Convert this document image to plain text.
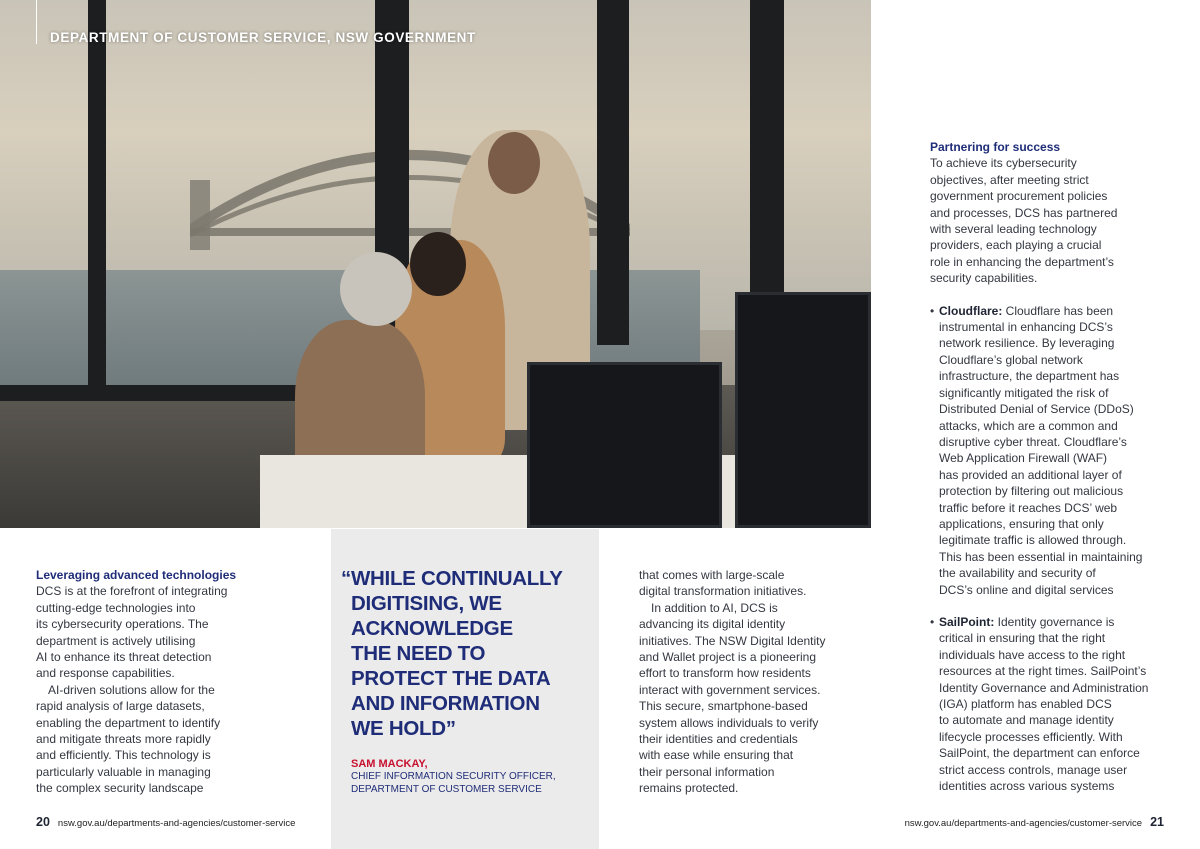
DEPARTMENT OF CUSTOMER SERVICE, NSW GOVERNMENT

Leveraging advanced technologies

DCS is at the forefront of integrating

cutting-edge technologies into

its cybersecurity operations. The

department is actively utilising

AI to enhance its threat detection

and response capabilities.

AI-driven solutions allow for the

rapid analysis of large datasets,

enabling the department to identify

and mitigate threats more rapidly

and efficiently. This technology is

particularly valuable in managing

the complex security landscape

“WHILE CONTINUALLY
DIGITISING, WE
ACKNOWLEDGE
THE NEED TO
PROTECT THE DATA
AND INFORMATION
WE HOLD”
SAM MACKAY,
CHIEF INFORMATION SECURITY OFFICER,
DEPARTMENT OF CUSTOMER SERVICE

that comes with large-scale

digital transformation initiatives.

In addition to AI, DCS is

advancing its digital identity

initiatives. The NSW Digital Identity

and Wallet project is a pioneering

effort to transform how residents

interact with government services.

This secure, smartphone-based

system allows individuals to verify

their identities and credentials

with ease while ensuring that

their personal information

remains protected.

Partnering for success

To achieve its cybersecurity

objectives, after meeting strict

government procurement policies

and processes, DCS has partnered

with several leading technology

providers, each playing a crucial

role in enhancing the department’s

security capabilities.

• Cloudflare: Cloudflare has been

instrumental in enhancing DCS’s

network resilience. By leveraging

Cloudflare’s global network

infrastructure, the department has

significantly mitigated the risk of

Distributed Denial of Service (DDoS)

attacks, which are a common and

disruptive cyber threat. Cloudflare’s

Web Application Firewall (WAF)

has provided an additional layer of

protection by filtering out malicious

traffic before it reaches DCS’ web

applications, ensuring that only

legitimate traffic is allowed through.

This has been essential in maintaining

the availability and security of

DCS’s online and digital services

• SailPoint: Identity governance is

critical in ensuring that the right

individuals have access to the right

resources at the right times. SailPoint’s

Identity Governance and Administration

(IGA) platform has enabled DCS

to automate and manage identity

lifecycle processes efficiently. With

SailPoint, the department can enforce

strict access controls, manage user

identities across various systems

20 nsw.gov.au/departments-and-agencies/customer-service	nsw.gov.au/departments-and-agencies/customer-service 21
